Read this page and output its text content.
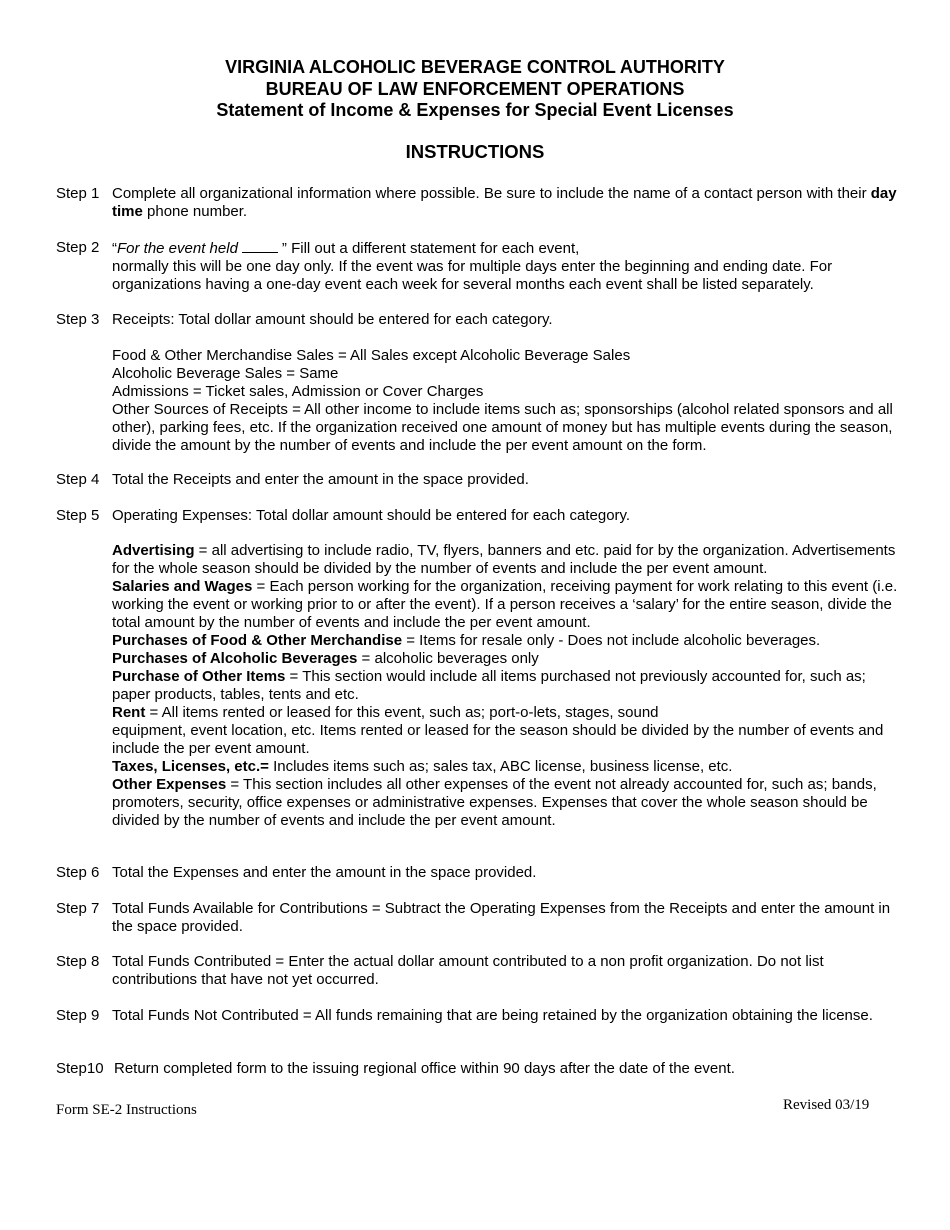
VIRGINIA ALCOHOLIC BEVERAGE CONTROL AUTHORITY
BUREAU OF LAW ENFORCEMENT OPERATIONS
Statement of Income & Expenses for Special Event Licenses
INSTRUCTIONS
Step 1 Complete all organizational information where possible. Be sure to include the name of a contact person with their day time phone number.
Step 2 “For the event held	” Fill out a different statement for each event,
normally this will be one day only. If the event was for multiple days enter the beginning and ending date. For organizations having a one-day event each week for several months each event shall be listed separately.
Step 3 Receipts: Total dollar amount should be entered for each category.
Food & Other Merchandise Sales = All Sales except Alcoholic Beverage Sales
Alcoholic Beverage Sales = Same
Admissions = Ticket sales, Admission or Cover Charges
Other Sources of Receipts = All other income to include items such as; sponsorships (alcohol related sponsors and all other), parking fees, etc. If the organization received one amount of money but has multiple events during the season, divide the amount by the number of events and include the per event amount on the form.
Step 4 Total the Receipts and enter the amount in the space provided.
Step 5 Operating Expenses: Total dollar amount should be entered for each category.
Advertising = all advertising to include radio, TV, flyers, banners and etc. paid for by the organization. Advertisements for the whole season should be divided by the number of events and include the per event amount.
Salaries and Wages = Each person working for the organization, receiving payment for work relating to this event (i.e. working the event or working prior to or after the event). If a person receives a ‘salary’ for the entire season, divide the total amount by the number of events and include the per event amount.
Purchases of Food & Other Merchandise = Items for resale only - Does not include alcoholic beverages.
Purchases of Alcoholic Beverages = alcoholic beverages only
Purchase of Other Items = This section would include all items purchased not previously accounted for, such as; paper products, tables, tents and etc.
Rent = All items rented or leased for this event, such as; port-o-lets, stages, sound
equipment, event location, etc. Items rented or leased for the season should be divided by the number of events and include the per event amount.
Taxes, Licenses, etc.= Includes items such as; sales tax, ABC license, business license, etc.
Other Expenses = This section includes all other expenses of the event not already accounted for, such as; bands, promoters, security, office expenses or administrative expenses. Expenses that cover the whole season should be divided by the number of events and include the per event amount.
Step 6 Total the Expenses and enter the amount in the space provided.
Step 7 Total Funds Available for Contributions = Subtract the Operating Expenses from the Receipts and enter the amount in the space provided.
Step 8 Total Funds Contributed = Enter the actual dollar amount contributed to a non profit organization. Do not list contributions that have not yet occurred.
Step 9 Total Funds Not Contributed = All funds remaining that are being retained by the organization obtaining the license.
Step10 Return completed form to the issuing regional office within 90 days after the date of the event.
Form SE-2 Instructions	Revised 03/19
